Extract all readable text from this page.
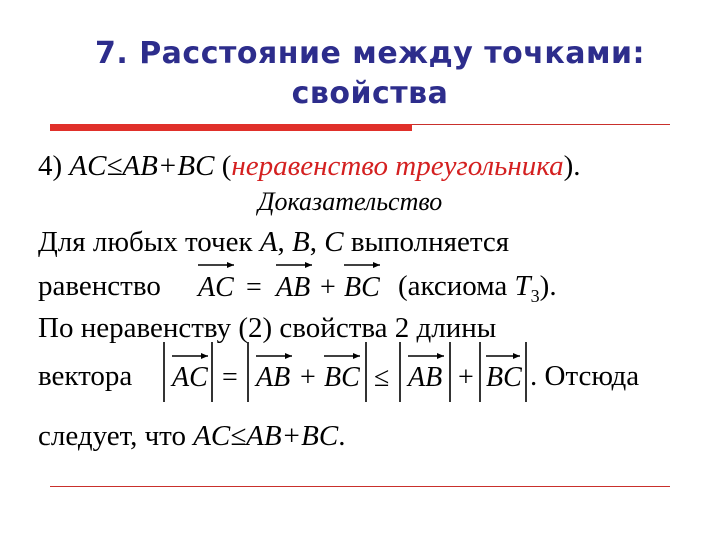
7. Расстояние между точками:
свойства
4) AC≤AB+BC (неравенство треугольника).
Доказательство
Для любых точек A, B, C выполняется
равенство AC = AB + BC (аксиома $T_3$).
По неравенству (2) свойства 2 длины
вектора AC = AB + BC ≤ AB + BC . Отсюда
следует, что AC≤AB+BC.
